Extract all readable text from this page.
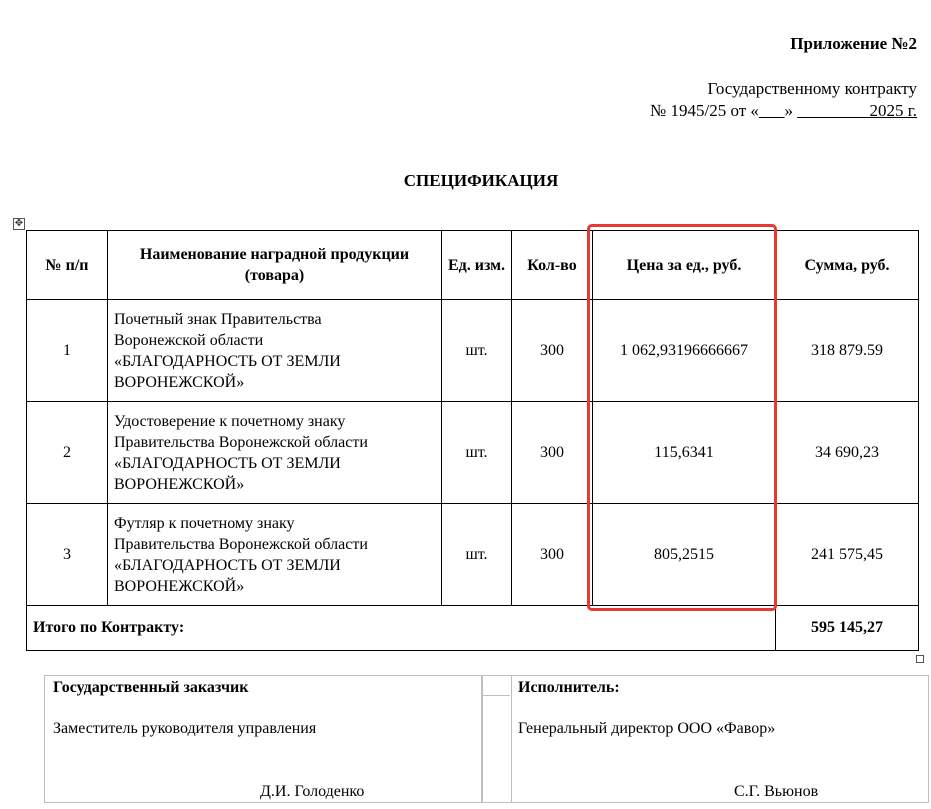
Приложение №2
Государственному контракту
№ 1945/25 от «___» ________ 2025 г.
СПЕЦИФИКАЦИЯ
✥
№ п/п	Наименование наградной продукции (товара)	Ед. изм.	Кол-во	Цена за ед., руб.	Сумма, руб.
1	Почетный знак Правительства
Воронежской области
«БЛАГОДАРНОСТЬ ОТ ЗЕМЛИ
ВОРОНЕЖСКОЙ»	шт.	300	1 062,93196666667	318 879.59
2	Удостоверение к почетному знаку
Правительства Воронежской области
«БЛАГОДАРНОСТЬ ОТ ЗЕМЛИ
ВОРОНЕЖСКОЙ»	шт.	300	115,6341	34 690,23
3	Футляр к почетному знаку
Правительства Воронежской области
«БЛАГОДАРНОСТЬ ОТ ЗЕМЛИ
ВОРОНЕЖСКОЙ»	шт.	300	805,2515	241 575,45
Итого по Контракту:					595 145,27
Государственный заказчик
Заместитель руководителя управления
Д.И. Голоденко
Исполнитель:
Генеральный директор ООО «Фавор»
С.Г. Вьюнов
